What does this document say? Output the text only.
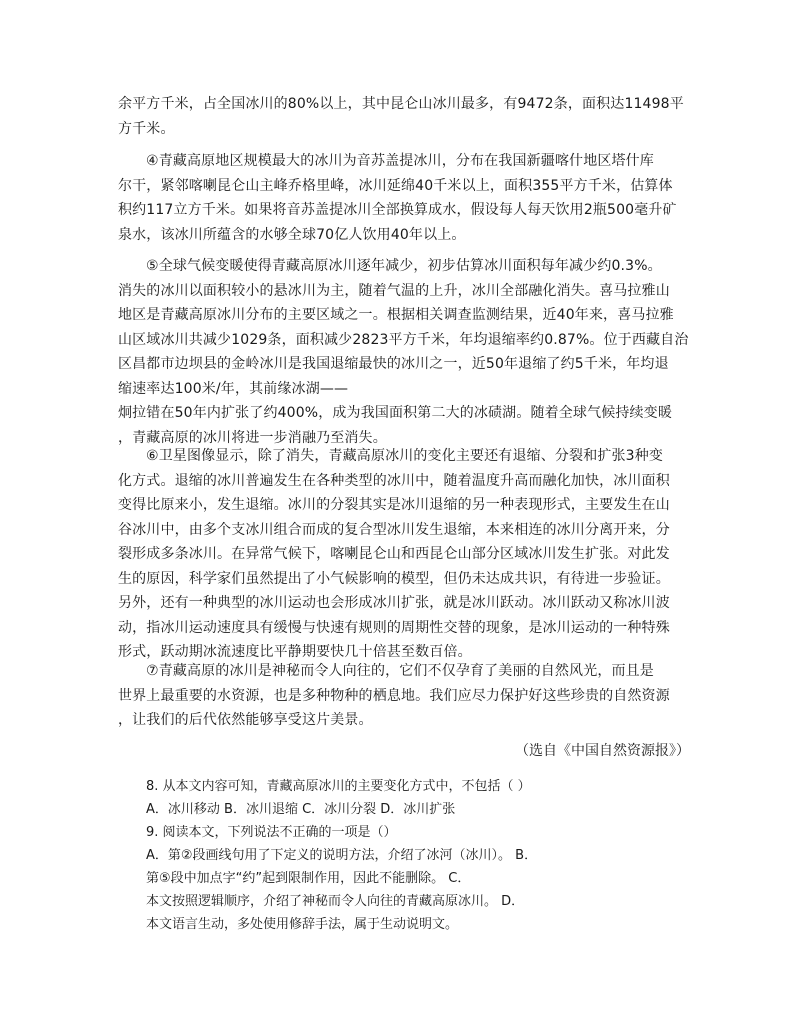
余平方千米，占全国冰川的80%以上，其中昆仑山冰川最多，有9472条，面积达11498平
方千米。
④青藏高原地区规模最大的冰川为音苏盖提冰川，分布在我国新疆喀什地区塔什库
尔干，紧邻喀喇昆仑山主峰乔格里峰，冰川延绵40千米以上，面积355平方千米，估算体
积约117立方千米。如果将音苏盖提冰川全部换算成水，假设每人每天饮用2瓶500毫升矿
泉水，该冰川所蕴含的水够全球70亿人饮用40年以上。
⑤全球气候变暖使得青藏高原冰川逐年减少，初步估算冰川面积每年减少约0.3%。
消失的冰川以面积较小的悬冰川为主，随着气温的上升，冰川全部融化消失。喜马拉雅山
地区是青藏高原冰川分布的主要区域之一。根据相关调查监测结果，近40年来，喜马拉雅
山区域冰川共减少1029条，面积减少2823平方千米，年均退缩率约0.87%。位于西藏自治
区昌都市边坝县的金岭冰川是我国退缩最快的冰川之一，近50年退缩了约5千米，年均退
缩速率达100米/年，其前缘冰湖——
炯拉错在50年内扩张了约400%，成为我国面积第二大的冰碛湖。随着全球气候持续变暖
，青藏高原的冰川将进一步消融乃至消失。
⑥卫星图像显示，除了消失，青藏高原冰川的变化主要还有退缩、分裂和扩张3种变
化方式。退缩的冰川普遍发生在各种类型的冰川中，随着温度升高而融化加快，冰川面积
变得比原来小，发生退缩。冰川的分裂其实是冰川退缩的另一种表现形式，主要发生在山
谷冰川中，由多个支冰川组合而成的复合型冰川发生退缩，本来相连的冰川分离开来，分
裂形成多条冰川。在异常气候下，喀喇昆仑山和西昆仑山部分区域冰川发生扩张。对此发
生的原因，科学家们虽然提出了小气候影响的模型，但仍未达成共识，有待进一步验证。
另外，还有一种典型的冰川运动也会形成冰川扩张，就是冰川跃动。冰川跃动又称冰川波
动，指冰川运动速度具有缓慢与快速有规则的周期性交替的现象，是冰川运动的一种特殊
形式，跃动期冰流速度比平静期要快几十倍甚至数百倍。
⑦青藏高原的冰川是神秘而令人向往的，它们不仅孕育了美丽的自然风光，而且是
世界上最重要的水资源，也是多种物种的栖息地。我们应尽力保护好这些珍贵的自然资源
，让我们的后代依然能够享受这片美景。

（选自《中国自然资源报》）

8. 从本文内容可知，青藏高原冰川的主要变化方式中，不包括（ ）
A．冰川移动 B．冰川退缩 C．冰川分裂 D．冰川扩张
9. 阅读本文，下列说法不正确的一项是（）
A．第②段画线句用了下定义的说明方法，介绍了冰河（冰川）。 B．
第⑤段中加点字“约”起到限制作用，因此不能删除。 C．
本文按照逻辑顺序，介绍了神秘而令人向往的青藏高原冰川。 D．
本文语言生动，多处使用修辞手法，属于生动说明文。
